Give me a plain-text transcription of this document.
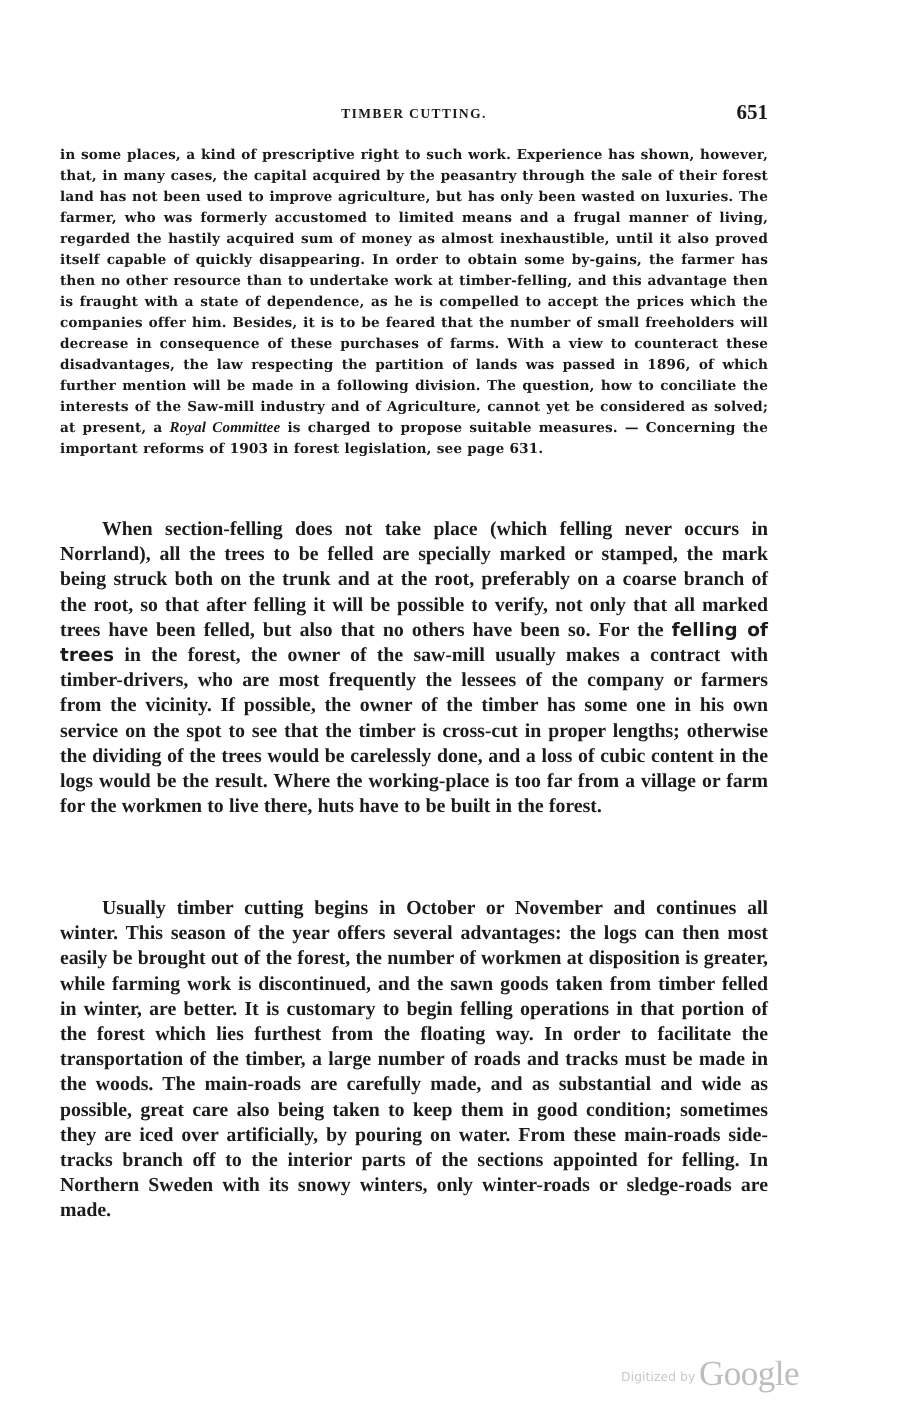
TIMBER CUTTING.	651

in some places, a kind of prescriptive right to such work. Experience has shown, however, that, in many cases, the capital acquired by the peasantry through the sale of their forest land has not been used to improve agriculture, but has only been wasted on luxuries. The farmer, who was formerly accustomed to limited means and a frugal manner of living, regarded the hastily acquired sum of money as almost inexhaustible, until it also proved itself capable of quickly disappearing. In order to obtain some by-gains, the farmer has then no other resource than to undertake work at timber-felling, and this advantage then is fraught with a state of dependence, as he is compelled to accept the prices which the companies offer him. Besides, it is to be feared that the number of small freeholders will decrease in consequence of these purchases of farms. With a view to counteract these disadvantages, the law respecting the partition of lands was passed in 1896, of which further mention will be made in a following division. The question, how to conciliate the interests of the Saw-mill industry and of Agriculture, cannot yet be considered as solved; at present, a Royal Committee is charged to propose suitable measures. — Concerning the important reforms of 1903 in forest legislation, see page 631.

When section-felling does not take place (which felling never occurs in Norrland), all the trees to be felled are specially marked or stamped, the mark being struck both on the trunk and at the root, preferably on a coarse branch of the root, so that after felling it will be possible to verify, not only that all marked trees have been felled, but also that no others have been so. For the felling of trees in the forest, the owner of the saw-mill usually makes a contract with timber-drivers, who are most frequently the lessees of the company or farmers from the vicinity. If possible, the owner of the timber has some one in his own service on the spot to see that the timber is cross-cut in proper lengths; otherwise the dividing of the trees would be carelessly done, and a loss of cubic content in the logs would be the result. Where the working-place is too far from a village or farm for the workmen to live there, huts have to be built in the forest.

Usually timber cutting begins in October or November and continues all winter. This season of the year offers several advantages: the logs can then most easily be brought out of the forest, the number of workmen at disposition is greater, while farming work is discontinued, and the sawn goods taken from timber felled in winter, are better. It is customary to begin felling operations in that portion of the forest which lies furthest from the floating way. In order to facilitate the transportation of the timber, a large number of roads and tracks must be made in the woods. The main-roads are carefully made, and as substantial and wide as possible, great care also being taken to keep them in good condition; sometimes they are iced over artificially, by pouring on water. From these main-roads side-tracks branch off to the interior parts of the sections appointed for felling. In Northern Sweden with its snowy winters, only winter-roads or sledge-roads are made.

Digitized by Google
